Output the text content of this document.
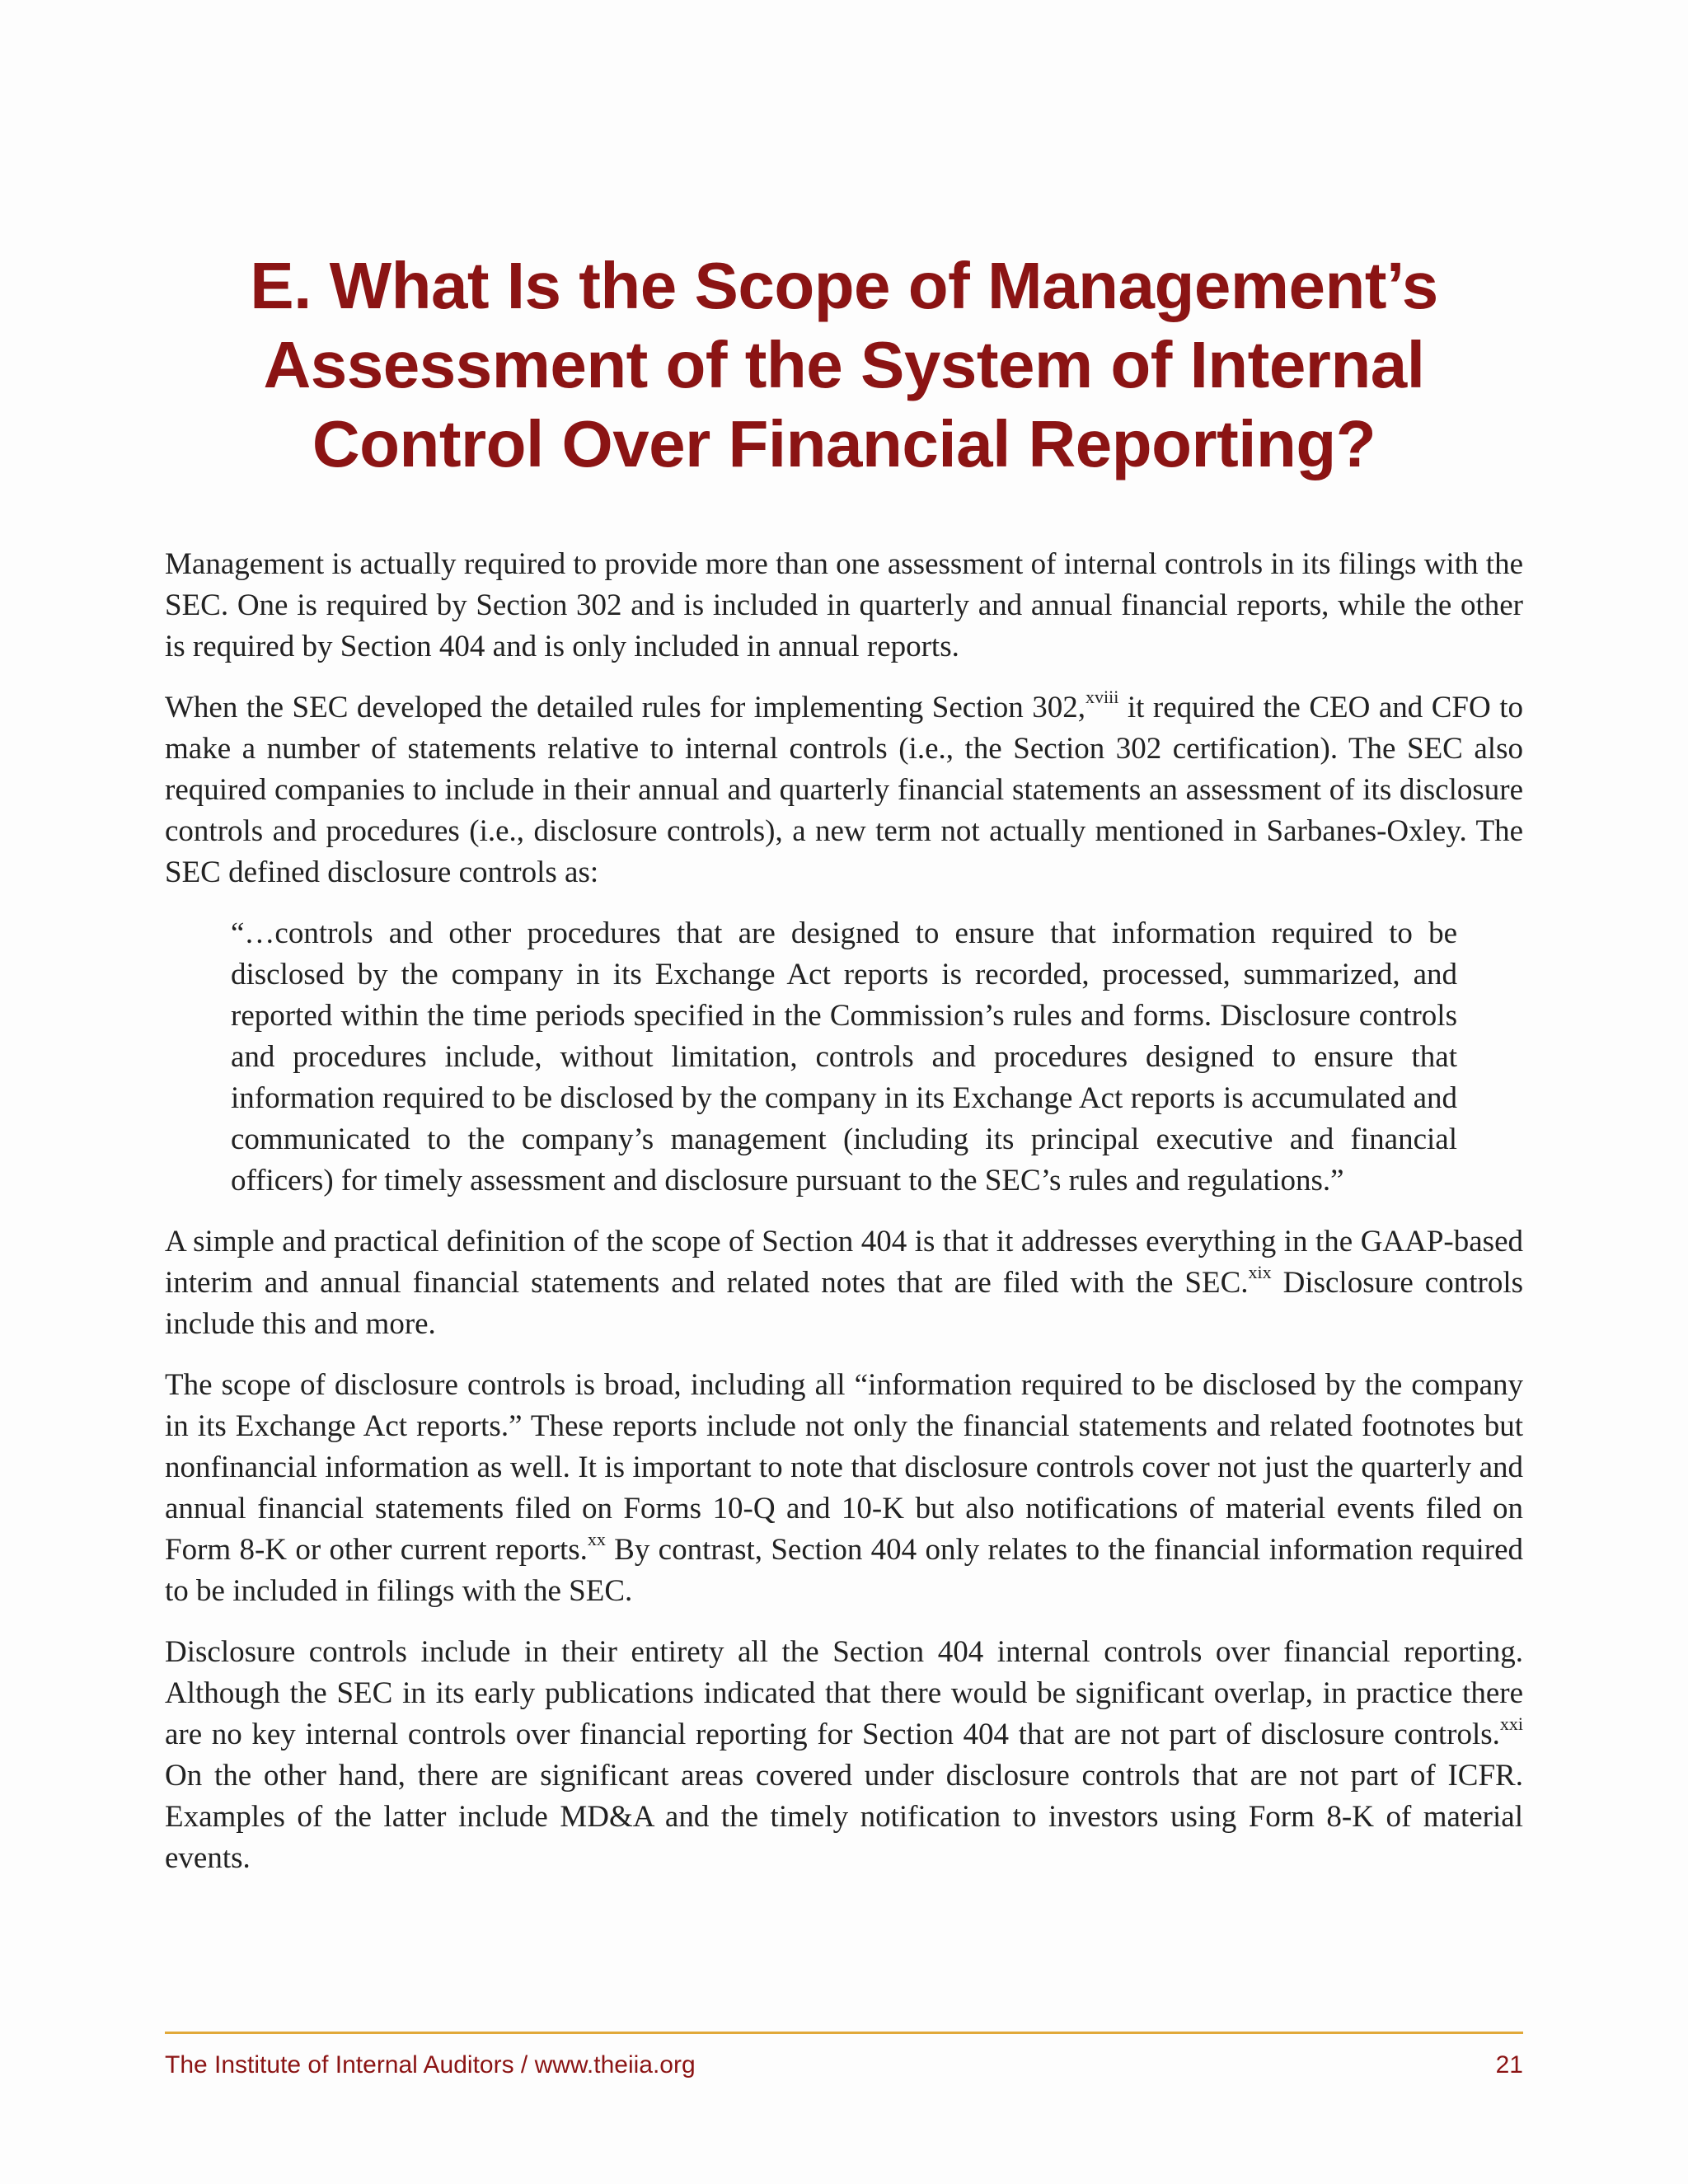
E. What Is the Scope of Management’s
Assessment of the System of Internal
Control Over Financial Reporting?

Management is actually required to provide more than one assessment of internal controls in its filings with the SEC. One is required by Section 302 and is included in quarterly and annual financial reports, while the other is required by Section 404 and is only included in annual reports.

When the SEC developed the detailed rules for implementing Section 302,$^{xviii}$ it required the CEO and CFO to make a number of statements relative to internal controls (i.e., the Section 302 certification). The SEC also required companies to include in their annual and quarterly financial statements an assessment of its disclosure controls and procedures (i.e., disclosure controls), a new term not actually mentioned in Sarbanes-Oxley. The SEC defined disclosure controls as:

“…controls and other procedures that are designed to ensure that information required to be disclosed by the company in its Exchange Act reports is recorded, processed, summarized, and reported within the time periods specified in the Commission’s rules and forms. Disclosure controls and procedures include, without limitation, controls and procedures designed to ensure that information required to be disclosed by the company in its Exchange Act reports is accumulated and communicated to the company’s management (including its principal executive and financial officers) for timely assessment and disclosure pursuant to the SEC’s rules and regulations.”

A simple and practical definition of the scope of Section 404 is that it addresses everything in the GAAP-based interim and annual financial statements and related notes that are filed with the SEC.$^{xix}$ Disclosure controls include this and more.

The scope of disclosure controls is broad, including all “information required to be disclosed by the company in its Exchange Act reports.” These reports include not only the financial statements and related footnotes but nonfinancial information as well. It is important to note that disclosure controls cover not just the quarterly and annual financial statements filed on Forms 10-Q and 10-K but also notifications of material events filed on Form 8-K or other current reports.$^{xx}$ By contrast, Section 404 only relates to the financial information required to be included in filings with the SEC.

Disclosure controls include in their entirety all the Section 404 internal controls over financial reporting. Although the SEC in its early publications indicated that there would be significant overlap, in practice there are no key internal controls over financial reporting for Section 404 that are not part of disclosure controls.$^{xxi}$ On the other hand, there are significant areas covered under disclosure controls that are not part of ICFR. Examples of the latter include MD&A and the timely notification to investors using Form 8-K of material events.

The Institute of Internal Auditors / www.theiia.org	21
